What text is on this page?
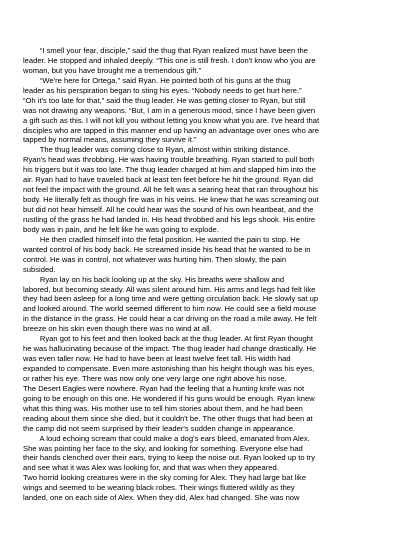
“I smell your fear, disciple,” said the thug that Ryan realized must have been the
leader. He stopped and inhaled deeply. “This one is still fresh. I don't know who you are
woman, but you have brought me a tremendous gift.”
“We're here for Ortega,” said Ryan. He pointed both of his guns at the thug
leader as his perspiration began to sting his eyes. “Nobody needs to get hurt here.”
“Oh it's too late for that,” said the thug leader. He was getting closer to Ryan, but still
was not drawing any weapons. “But, I am in a generous mood, since I have been given
a gift such as this. I will not kill you without letting you know what you are. I've heard that
disciples who are tapped in this manner end up having an advantage over ones who are
tapped by normal means, assuming they survive it.”
The thug leader was coming close to Ryan, almost within striking distance.
Ryan's head was throbbing. He was having trouble breathing. Ryan started to pull both
his triggers but it was too late. The thug leader charged at him and slapped him into the
air. Ryan had to have traveled back at least ten feet before he hit the ground. Ryan did
not feel the impact with the ground. All he felt was a searing heat that ran throughout his
body. He literally felt as though fire was in his veins. He knew that he was screaming out
but did not hear himself. All he could hear was the sound of his own heartbeat, and the
rustling of the grass he had landed in. His head throbbed and his legs shook. His entire
body was in pain, and he felt like he was going to explode.
He then cradled himself into the fetal position. He wanted the pain to stop. He
wanted control of his body back. He screamed inside his head that he wanted to be in
control. He was in control, not whatever was hurting him. Then slowly, the pain
subsided.
Ryan lay on his back looking up at the sky. His breaths were shallow and
labored, but becoming steady. All was silent around him. His arms and legs had felt like
they had been asleep for a long time and were getting circulation back. He slowly sat up
and looked around. The world seemed different to him now. He could see a field mouse
in the distance in the grass. He could hear a car driving on the road a mile away. He felt
breeze on his skin even though there was no wind at all.
Ryan got to his feet and then looked back at the thug leader. At first Ryan thought
he was hallucinating because of the impact. The thug leader had change drastically. He
was even taller now. He had to have been at least twelve feet tall. His width had
expanded to compensate. Even more astonishing than his height though was his eyes,
or rather his eye. There was now only one very large one right above his nose.
The Desert Eagles were nowhere. Ryan had the feeling that a hunting knife was not
going to be enough on this one. He wondered if his guns would be enough. Ryan knew
what this thing was. His mother use to tell him stories about them, and he had been
reading about them since she died, but it couldn't be. The other thugs that had been at
the camp did not seem surprised by their leader's sudden change in appearance.
A loud echoing scream that could make a dog's ears bleed, emanated from Alex.
She was pointing her face to the sky, and looking for something. Everyone else had
their hands clenched over their ears, trying to keep the noise out. Ryan looked up to try
and see what it was Alex was looking for, and that was when they appeared.
Two horrid looking creatures were in the sky coming for Alex. They had large bat like
wings and seemed to be wearing black robes. Their wings fluttered wildly as they
landed, one on each side of Alex. When they did, Alex had changed. She was now
